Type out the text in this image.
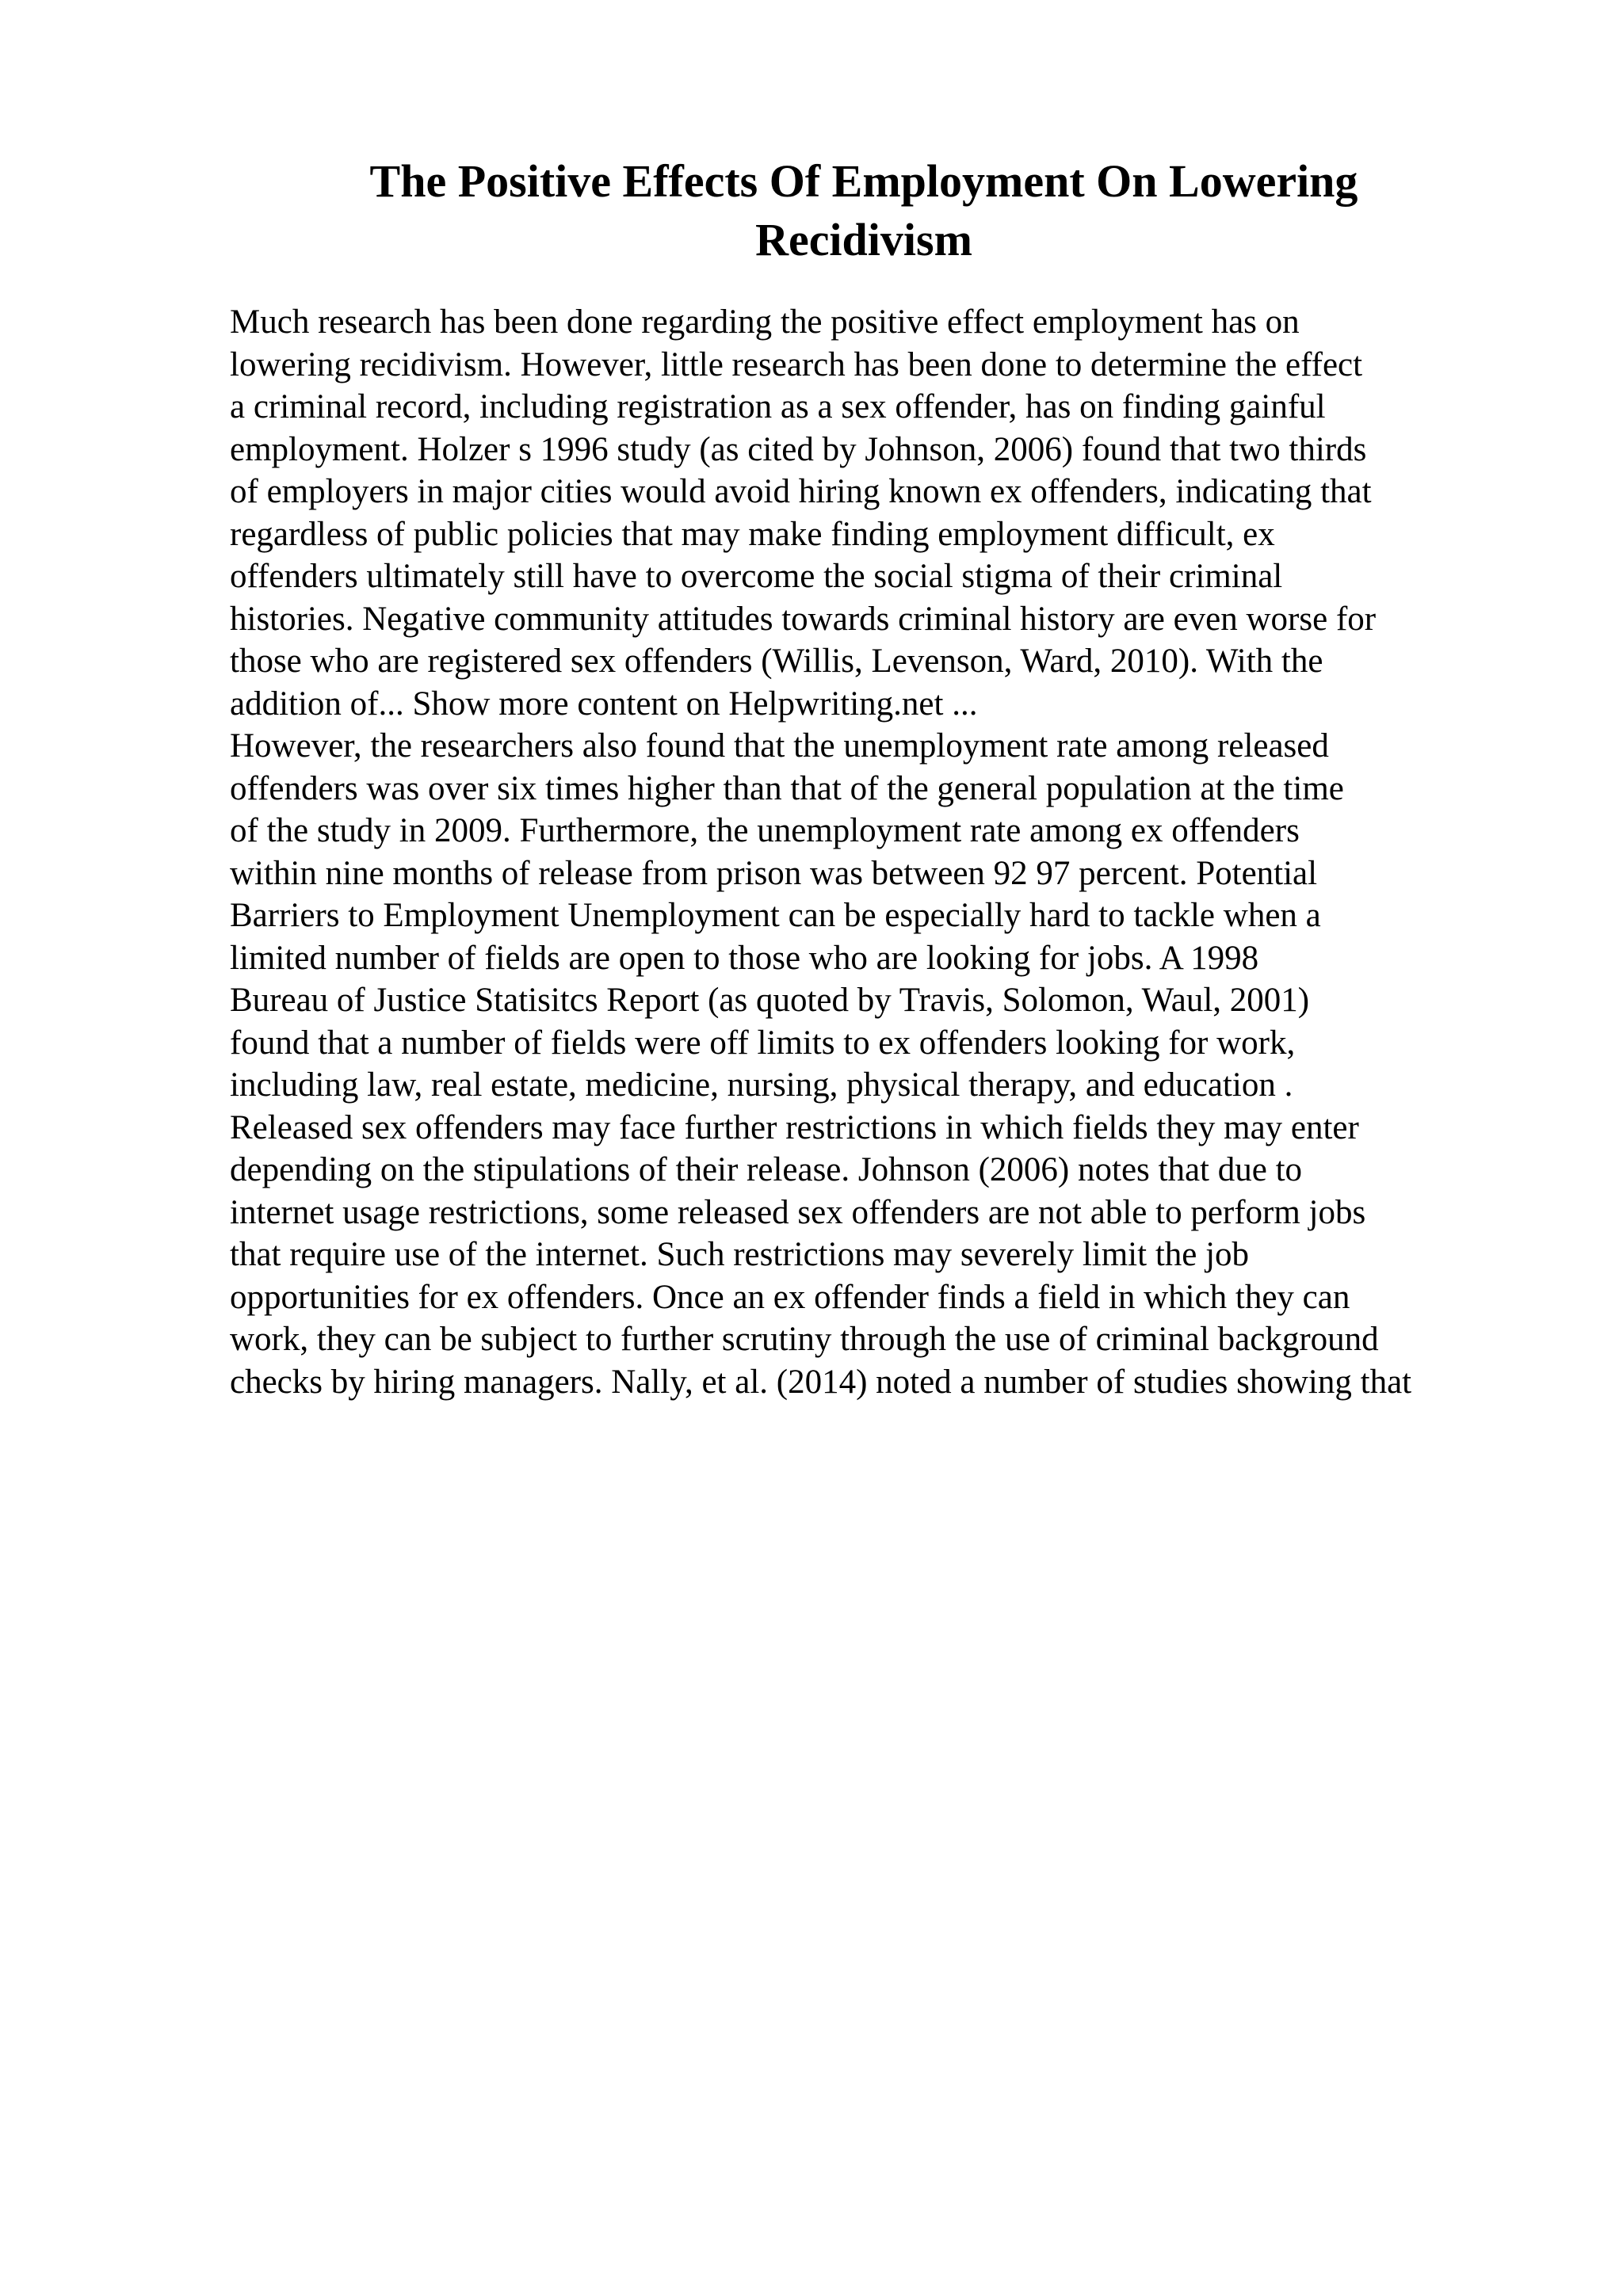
The Positive Effects Of Employment On Lowering
Recidivism
Much research has been done regarding the positive effect employment has on
lowering recidivism. However, little research has been done to determine the effect
a criminal record, including registration as a sex offender, has on finding gainful
employment. Holzer s 1996 study (as cited by Johnson, 2006) found that two thirds
of employers in major cities would avoid hiring known ex offenders, indicating that
regardless of public policies that may make finding employment difficult, ex
offenders ultimately still have to overcome the social stigma of their criminal
histories. Negative community attitudes towards criminal history are even worse for
those who are registered sex offenders (Willis, Levenson, Ward, 2010). With the
addition of... Show more content on Helpwriting.net ...
However, the researchers also found that the unemployment rate among released
offenders was over six times higher than that of the general population at the time
of the study in 2009. Furthermore, the unemployment rate among ex offenders
within nine months of release from prison was between 92 97 percent. Potential
Barriers to Employment Unemployment can be especially hard to tackle when a
limited number of fields are open to those who are looking for jobs. A 1998
Bureau of Justice Statisitcs Report (as quoted by Travis, Solomon, Waul, 2001)
found that a number of fields were off limits to ex offenders looking for work,
including law, real estate, medicine, nursing, physical therapy, and education .
Released sex offenders may face further restrictions in which fields they may enter
depending on the stipulations of their release. Johnson (2006) notes that due to
internet usage restrictions, some released sex offenders are not able to perform jobs
that require use of the internet. Such restrictions may severely limit the job
opportunities for ex offenders. Once an ex offender finds a field in which they can
work, they can be subject to further scrutiny through the use of criminal background
checks by hiring managers. Nally, et al. (2014) noted a number of studies showing that
